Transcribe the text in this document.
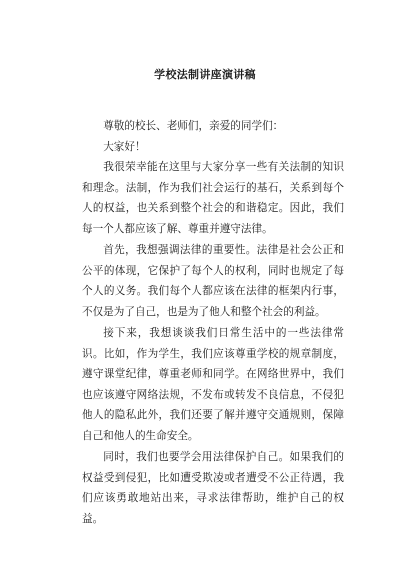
学校法制讲座演讲稿

尊敬的校长、老师们，亲爱的同学们：

大家好！

我很荣幸能在这里与大家分享一些有关法制的知识和理念。法制，作为我们社会运行的基石，关系到每个人的权益，也关系到整个社会的和谐稳定。因此，我们每一个人都应该了解、尊重并遵守法律。

首先，我想强调法律的重要性。法律是社会公正和公平的体现，它保护了每个人的权利，同时也规定了每个人的义务。我们每个人都应该在法律的框架内行事，不仅是为了自己，也是为了他人和整个社会的利益。

接下来，我想谈谈我们日常生活中的一些法律常识。比如，作为学生，我们应该尊重学校的规章制度，遵守课堂纪律，尊重老师和同学。在网络世界中，我们也应该遵守网络法规，不发布或转发不良信息，不侵犯他人的隐私此外，我们还要了解并遵守交通规则，保障自己和他人的生命安全。

同时，我们也要学会用法律保护自己。如果我们的权益受到侵犯，比如遭受欺凌或者遭受不公正待遇，我们应该勇敢地站出来，寻求法律帮助，维护自己的权益。
